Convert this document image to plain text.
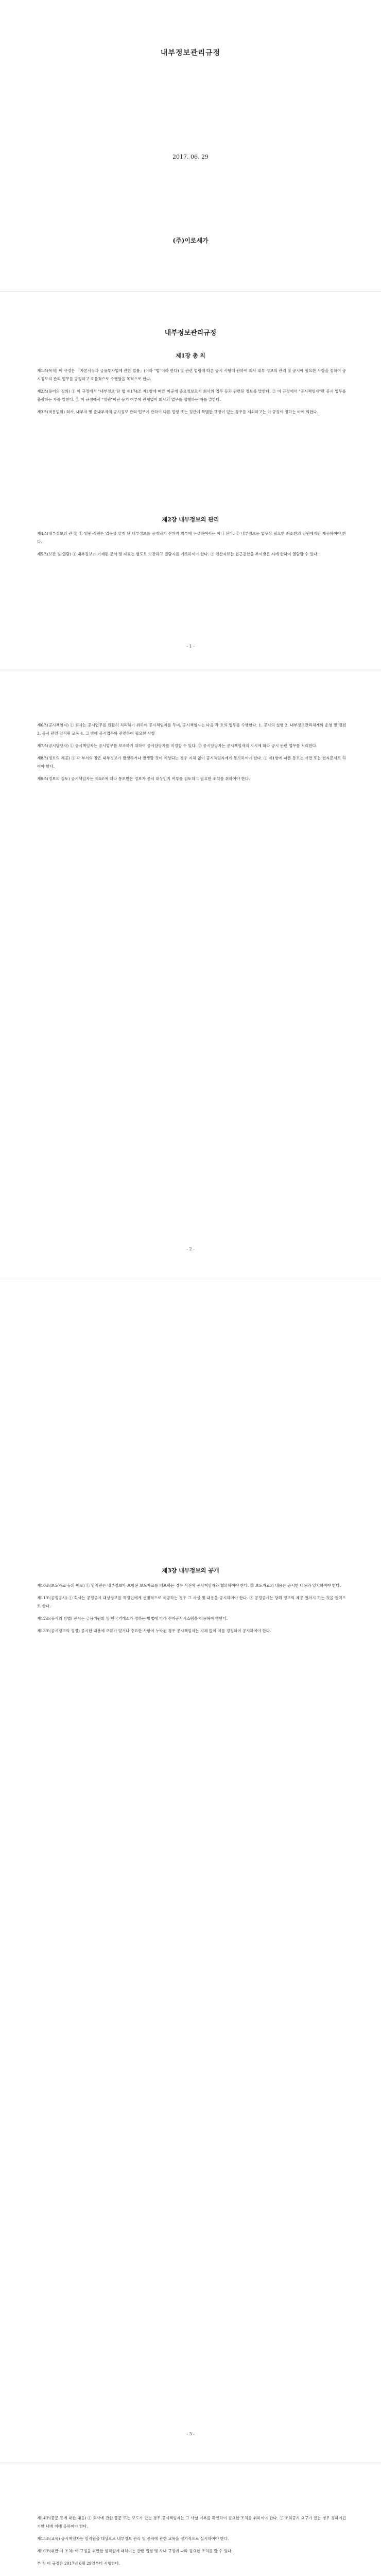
내부정보관리규정
2017. 06. 29
(주)이로세가
내부정보관리규정
제1장 총 칙

제1조(목적) 이 규정은 「자본시장과 금융투자업에 관한 법률」(이하 "법"이라 한다) 및 관련 법령에 따른 공시 사항에 관하여 회사 내부 정보의 관리 및 공시에 필요한 사항을 정하여 공시정보의 관리 업무를 공정하고 효율적으로 수행함을 목적으로 한다.

제2조(용어의 정의) ① 이 규정에서 "내부정보"란 법 제174조 제1항에 따른 미공개 중요정보로서 회사의 업무 등과 관련된 정보를 말한다. ② 이 규정에서 "공시책임자"란 공시 업무를 총괄하는 자를 말한다. ③ 이 규정에서 "임원"이란 등기 여부에 관계없이 회사의 업무를 집행하는 자를 말한다.

제3조(적용범위) 회사, 내부자 및 준내부자의 공시정보 관리 업무에 관하여 다른 법령 또는 정관에 특별한 규정이 있는 경우를 제외하고는 이 규정이 정하는 바에 의한다.

제2장 내부정보의 관리

제4조(내부정보의 관리) ① 임원·직원은 업무상 알게 된 내부정보를 공개되기 전까지 외부에 누설하여서는 아니 된다. ② 내부정보는 업무상 필요한 최소한의 인원에게만 제공하여야 한다.

제5조(보관 및 열람) ① 내부정보가 기재된 문서 및 자료는 별도로 보관하고 열람자를 기록하여야 한다. ② 전산자료는 접근권한을 부여받은 자에 한하여 열람할 수 있다.

- 1 -

제6조(공시책임자) ① 회사는 공시업무를 원활히 처리하기 위하여 공시책임자를 두며, 공시책임자는 다음 각 호의 업무를 수행한다. 1. 공시의 실행 2. 내부정보관리체계의 운영 및 점검 3. 공시 관련 임직원 교육 4. 그 밖에 공시업무와 관련하여 필요한 사항

제7조(공시담당자) ① 공시책임자는 공시업무를 보조하기 위하여 공시담당자를 지정할 수 있다. ② 공시담당자는 공시책임자의 지시에 따라 공시 관련 업무를 처리한다.

제8조(정보의 제공) ① 각 부서의 장은 내부정보가 발생하거나 발생할 것이 예상되는 경우 지체 없이 공시책임자에게 통보하여야 한다. ② 제1항에 따른 통보는 서면 또는 전자문서로 하여야 한다.

제9조(정보의 검토) 공시책임자는 제8조에 따라 통보받은 정보가 공시 대상인지 여부를 검토하고 필요한 조치를 취하여야 한다.

- 2 -
제3장 내부정보의 공개

제10조(보도자료 등의 배포) ① 임직원은 내부정보가 포함된 보도자료를 배포하는 경우 사전에 공시책임자와 협의하여야 한다. ② 보도자료의 내용은 공시한 내용과 일치하여야 한다.

제11조(공정공시) ① 회사는 공정공시 대상정보를 특정인에게 선별적으로 제공하는 경우 그 사실 및 내용을 공시하여야 한다. ② 공정공시는 당해 정보의 제공 전까지 하는 것을 원칙으로 한다.

제12조(공시의 방법) 공시는 금융위원회 및 한국거래소가 정하는 방법에 따라 전자공시시스템을 이용하여 행한다.

제13조(공시정보의 정정) 공시한 내용에 오류가 있거나 중요한 사항이 누락된 경우 공시책임자는 지체 없이 이를 정정하여 공시하여야 한다.

- 3 -

제14조(풍문 등에 대한 대응) ① 회사에 관한 풍문 또는 보도가 있는 경우 공시책임자는 그 사실 여부를 확인하여 필요한 조치를 취하여야 한다. ② 조회공시 요구가 있는 경우 정하여진 기한 내에 이에 응하여야 한다.

제15조(교육) 공시책임자는 임직원을 대상으로 내부정보 관리 및 공시에 관한 교육을 정기적으로 실시하여야 한다.

제16조(위반 시 조치) 이 규정을 위반한 임직원에 대하여는 관련 법령 및 사내 규정에 따라 필요한 조치를 할 수 있다.

부 칙 이 규정은 2017년 6월 29일부터 시행한다.
